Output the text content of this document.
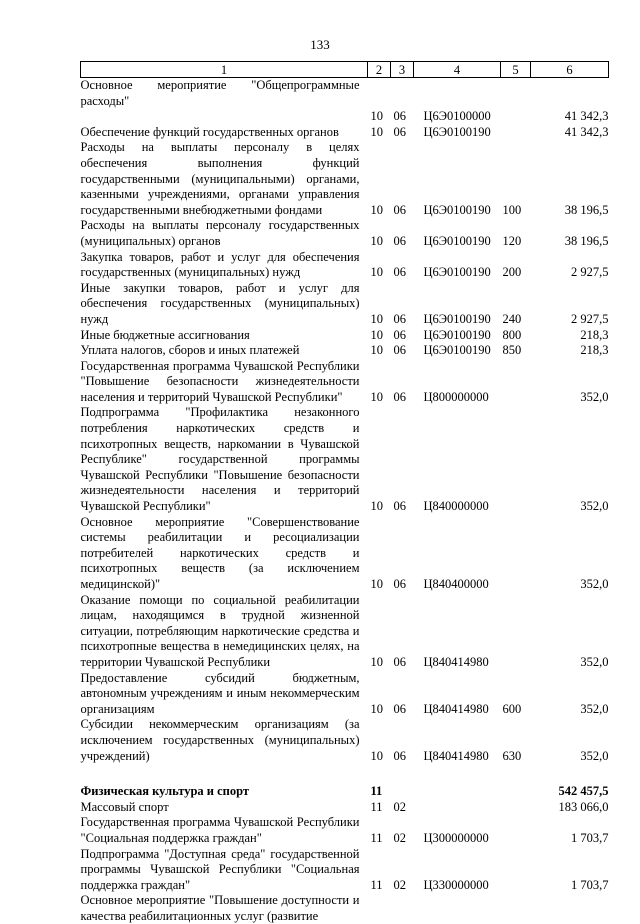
133
1	2	3	4	5	6
Основное мероприятие "Общепрограммные расходы"					
	10	06	Ц6Э0100000		41 342,3
Обеспечение функций государственных органов	10	06	Ц6Э0100190		41 342,3
Расходы на выплаты персоналу в целях обеспечения выполнения функций государственными (муниципальными) органами, казенными учреждениями, органами управления государственными внебюджетными фондами	10	06	Ц6Э0100190	100	38 196,5
Расходы на выплаты персоналу государственных (муниципальных) органов	10	06	Ц6Э0100190	120	38 196,5
Закупка товаров, работ и услуг для обеспечения государственных (муниципальных) нужд	10	06	Ц6Э0100190	200	2 927,5
Иные закупки товаров, работ и услуг для обеспечения государственных (муниципальных) нужд	10	06	Ц6Э0100190	240	2 927,5
Иные бюджетные ассигнования	10	06	Ц6Э0100190	800	218,3
Уплата налогов, сборов и иных платежей	10	06	Ц6Э0100190	850	218,3
Государственная программа Чувашской Республики "Повышение безопасности жизнедеятельности населения и территорий Чувашской Республики"	10	06	Ц800000000		352,0
Подпрограмма "Профилактика незаконного потребления наркотических средств и психотропных веществ, наркомании в Чувашской Республике" государственной программы Чувашской Республики "Повышение безопасности жизнедеятельности населения и территорий Чувашской Республики"	10	06	Ц840000000		352,0
Основное мероприятие "Совершенствование системы реабилитации и ресоциализации потребителей наркотических средств и психотропных веществ (за исключением медицинской)"	10	06	Ц840400000		352,0
Оказание помощи по социальной реабилитации лицам, находящимся в трудной жизненной ситуации, потребляющим наркотические средства и психотропные вещества в немедицинских целях, на территории Чувашской Республики	10	06	Ц840414980		352,0
Предоставление субсидий бюджетным, автономным учреждениям и иным некоммерческим организациям	10	06	Ц840414980	600	352,0
Субсидии некоммерческим организациям (за исключением государственных (муниципальных) учреждений)	10	06	Ц840414980	630	352,0

Физическая культура и спорт	11				542 457,5
Массовый спорт	11	02			183 066,0
Государственная программа Чувашской Республики "Социальная поддержка граждан"	11	02	Ц300000000		1 703,7
Подпрограмма "Доступная среда" государственной программы Чувашской Республики "Социальная поддержка граждан"	11	02	Ц330000000		1 703,7
Основное мероприятие "Повышение доступности и качества реабилитационных услуг (развитие					
